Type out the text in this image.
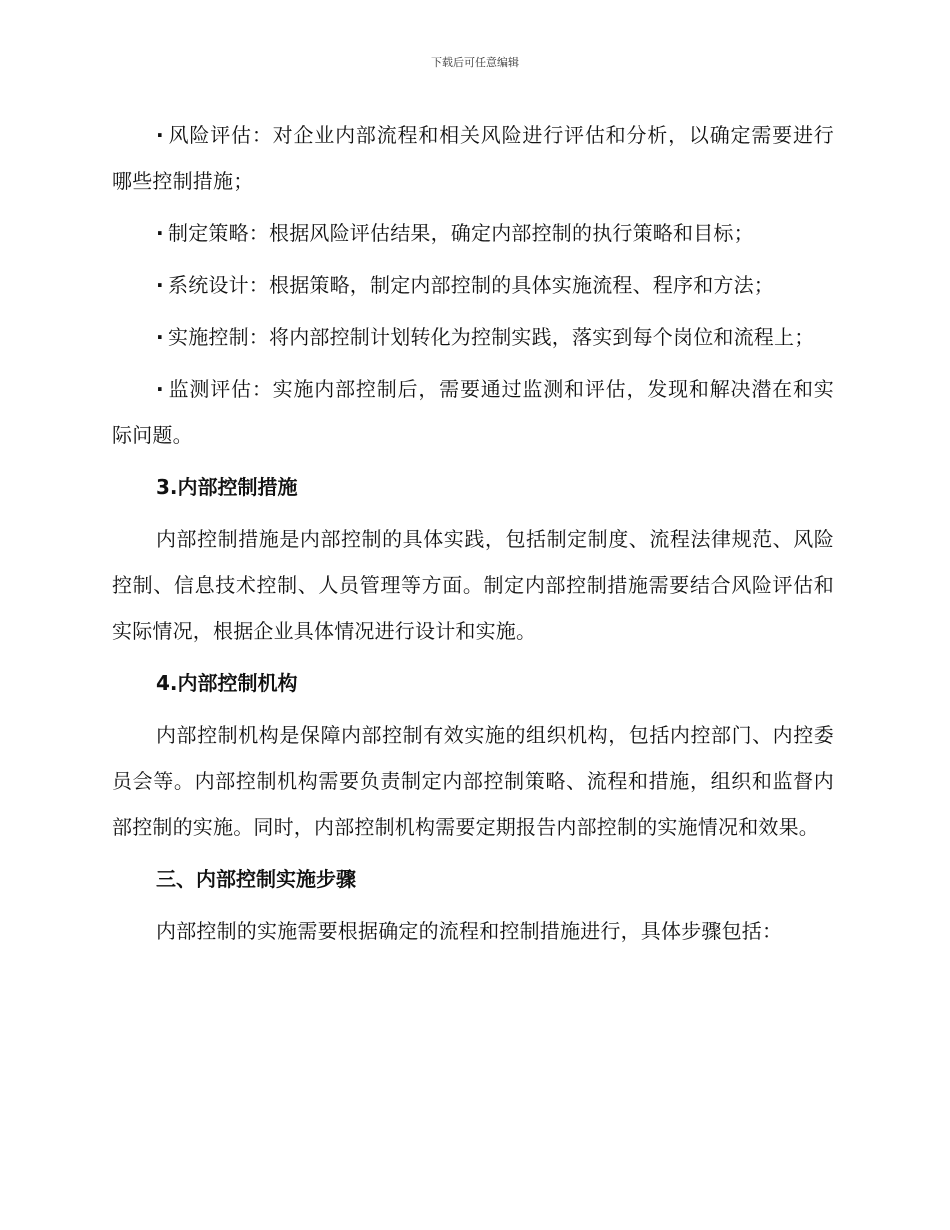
下载后可任意编辑

· 风险评估：对企业内部流程和相关风险进行评估和分析，以确定需要进行哪些控制措施；

· 制定策略：根据风险评估结果，确定内部控制的执行策略和目标；

· 系统设计：根据策略，制定内部控制的具体实施流程、程序和方法；

· 实施控制：将内部控制计划转化为控制实践，落实到每个岗位和流程上；

· 监测评估：实施内部控制后，需要通过监测和评估，发现和解决潜在和实际问题。

3.内部控制措施

内部控制措施是内部控制的具体实践，包括制定制度、流程法律规范、风险控制、信息技术控制、人员管理等方面。制定内部控制措施需要结合风险评估和实际情况，根据企业具体情况进行设计和实施。

4.内部控制机构

内部控制机构是保障内部控制有效实施的组织机构，包括内控部门、内控委员会等。内部控制机构需要负责制定内部控制策略、流程和措施，组织和监督内部控制的实施。同时，内部控制机构需要定期报告内部控制的实施情况和效果。

三、内部控制实施步骤

内部控制的实施需要根据确定的流程和控制措施进行，具体步骤包括：
